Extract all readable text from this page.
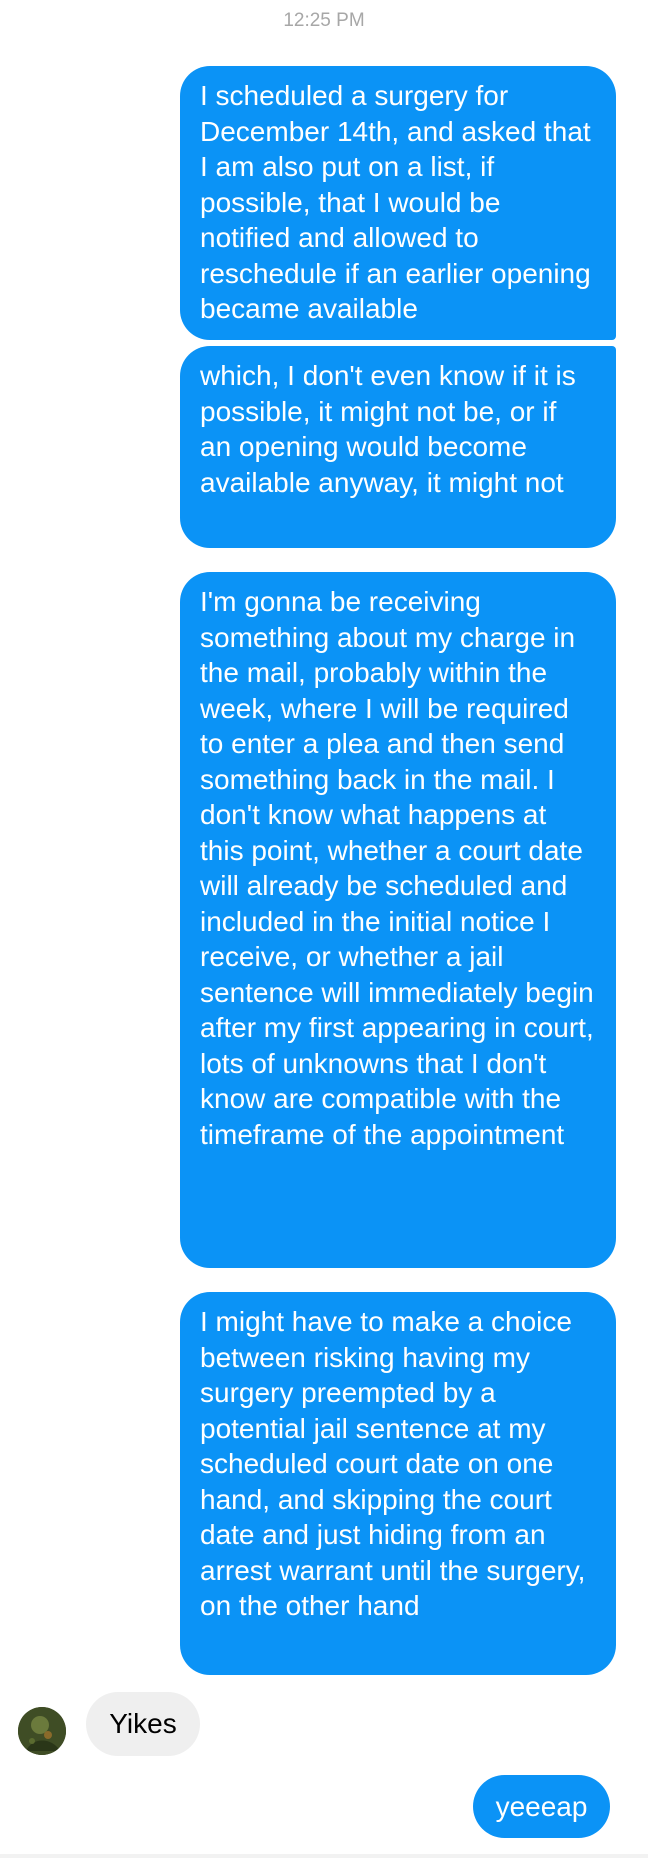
12:25 PM
I scheduled a surgery for December 14th, and asked that I am also put on a list, if possible, that I would be notified and allowed to reschedule if an earlier opening became available
which, I don't even know if it is possible, it might not be, or if an opening would become available anyway, it might not
I'm gonna be receiving something about my charge in the mail, probably within the week, where I will be required to enter a plea and then send something back in the mail. I don't know what happens at this point, whether a court date will already be scheduled and included in the initial notice I receive, or whether a jail sentence will immediately begin after my first appearing in court, lots of unknowns that I don't know are compatible with the timeframe of the appointment
I might have to make a choice between risking having my surgery preempted by a potential jail sentence at my scheduled court date on one hand, and skipping the court date and just hiding from an arrest warrant until the surgery, on the other hand
Yikes
yeeeap
